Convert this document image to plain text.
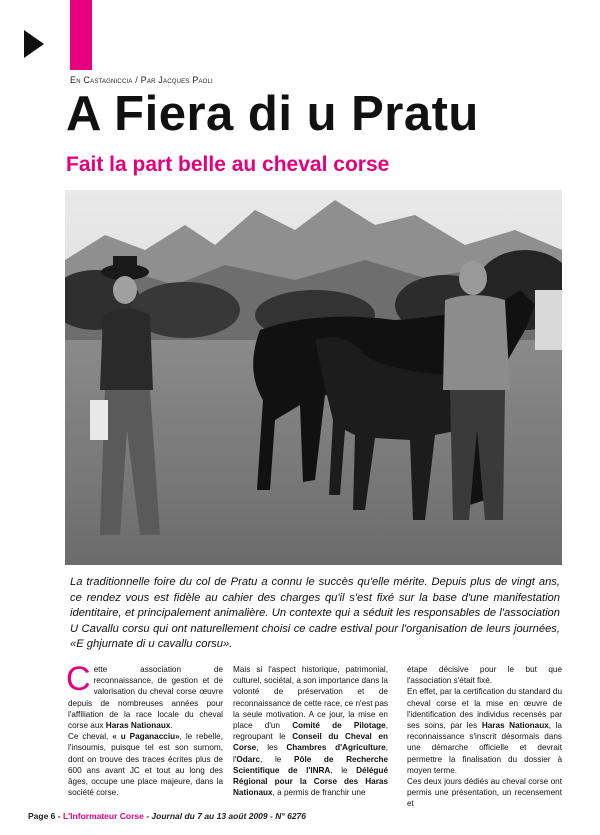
En Castagniccia / Par Jacques Paoli
A Fiera di u Pratu
Fait la part belle au cheval corse
La traditionnelle foire du col de Pratu a connu le succès qu'elle mérite. Depuis plus de vingt ans, ce rendez vous est fidèle au cahier des charges qu'il s'est fixé sur la base d'une manifestation identitaire, et principalement animalière. Un contexte qui a séduit les responsables de l'association U Cavallu corsu qui ont naturellement choisi ce cadre estival pour l'organisation de leurs journées, «E ghjurnate di u cavallu corsu».

Cette association de reconnaissance, de gestion et de valorisation du cheval corse œuvre depuis de nombreuses années pour l'affiliation de la race locale du cheval corse aux Haras Nationaux.

Ce cheval, « u Paganacciu», le rebelle, l'insoumis, puisque tel est son surnom, dont on trouve des traces écrites plus de 600 ans avant JC et tout au long des âges, occupe une place majeure, dans la société corse.

Mais si l'aspect historique, patrimonial, culturel, sociétal, a son importance dans la volonté de préservation et de reconnaissance de cette race, ce n'est pas la seule motivation. A ce jour, la mise en place d'un Comité de Pilotage, regroupant le Conseil du Cheval en Corse, les Chambres d'Agriculture, l'Odarc, le Pôle de Recherche Scientifique de l'INRA, le Délégué Régional pour la Corse des Haras Nationaux, a permis de franchir une

étape décisive pour le but que l'association s'était fixé.

En effet, par la certification du standard du cheval corse et la mise en œuvre de l'identification des individus recensés par ses soins, par les Haras Nationaux, la reconnaissance s'inscrit désormais dans une démarche officielle et devrait permettre la finalisation du dossier à moyen terme.

Ces deux jours dédiés au cheval corse ont permis une présentation, un recensement et

Page 6 - L'Informateur Corse - Journal du 7 au 13 août 2009 - N° 6276
